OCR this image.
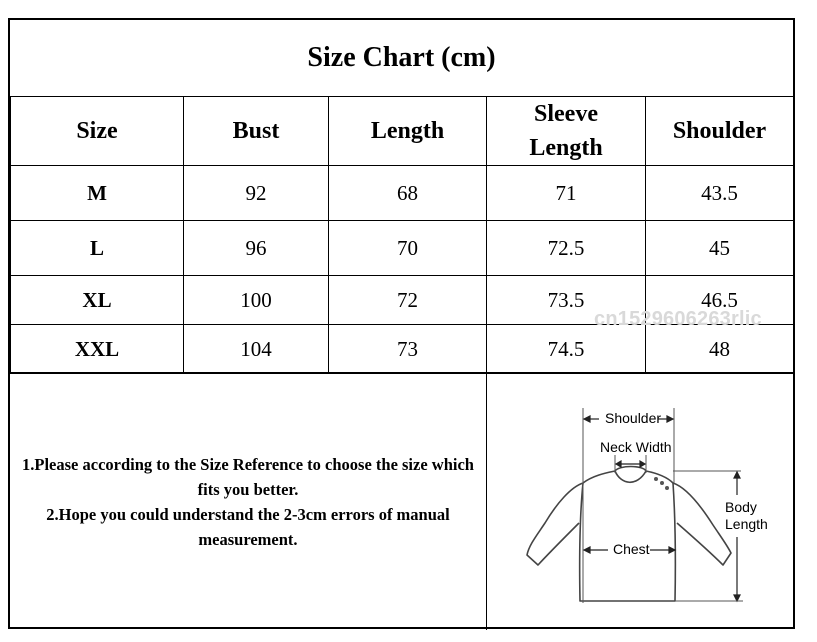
Size Chart (cm)
Size	Bust	Length	Sleeve Length	Shoulder
M	92	68	71	43.5
L	96	70	72.5	45
XL	100	72	73.5	46.5
XXL	104	73	74.5	48
1.Please according to the Size Reference to choose the size which fits you better.
2.Hope you could understand the 2-3cm errors of manual measurement.
Shoulder
Neck Width
Chest
Body
Length
cn1529606263rlic
